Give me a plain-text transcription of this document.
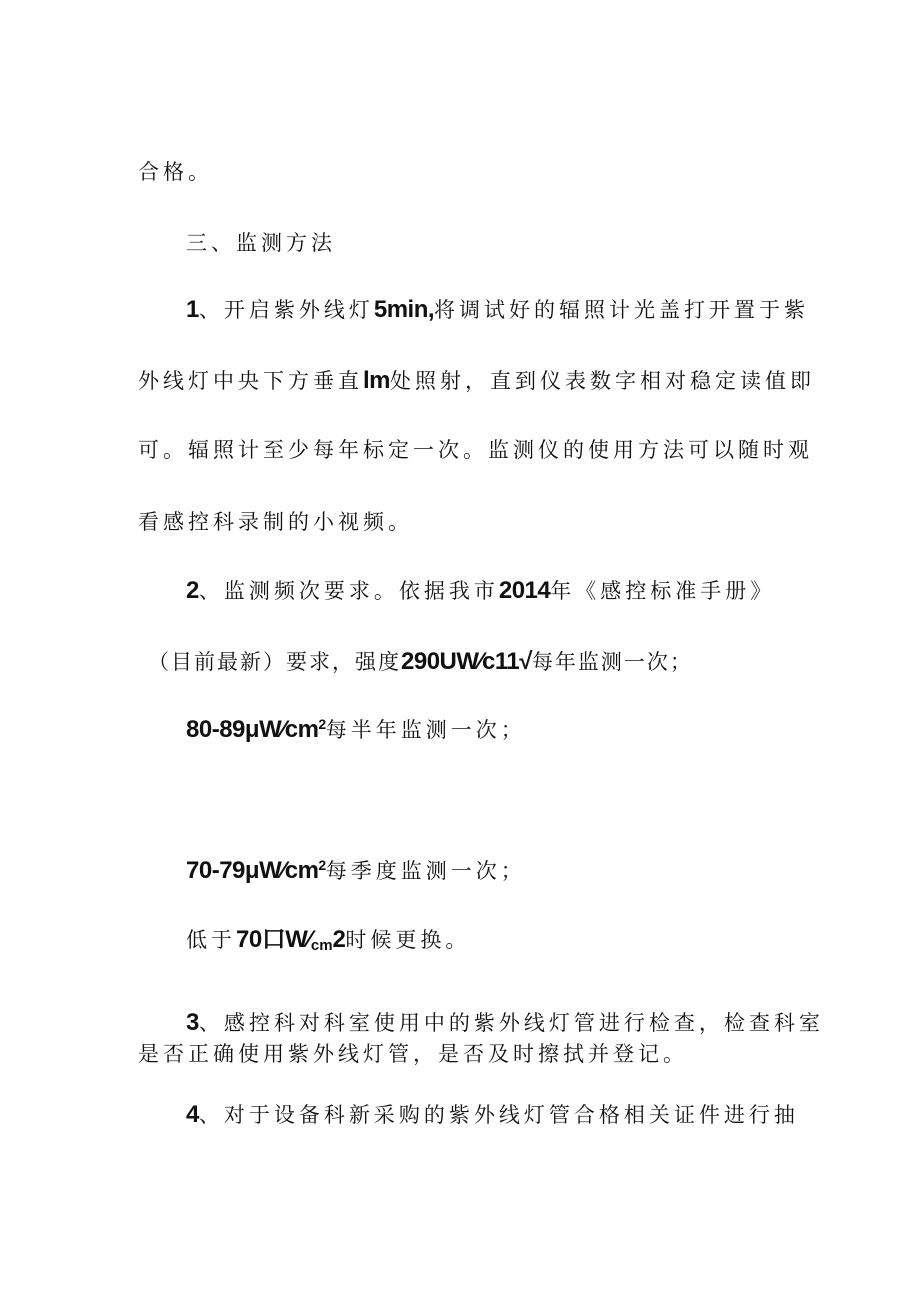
合格。
三、监测方法
1、开启紫外线灯5min,将调试好的辐照计光盖打开置于紫
外线灯中央下方垂直lm处照射，直到仪表数字相对稳定读值即
可。辐照计至少每年标定一次。监测仪的使用方法可以随时观
看感控科录制的小视频。
2、监测频次要求。依据我市2014年《感控标准手册》
（目前最新）要求，强度290UW∕c11√每年监测一次；
$80-89\mu W∕cm^2$每半年监测一次；
$70-79\mu W∕cm^2$每季度监测一次；
低于70口$W∕_{cm}2$时候更换。
3、感控科对科室使用中的紫外线灯管进行检查，检查科室
是否正确使用紫外线灯管，是否及时擦拭并登记。
4、对于设备科新采购的紫外线灯管合格相关证件进行抽
